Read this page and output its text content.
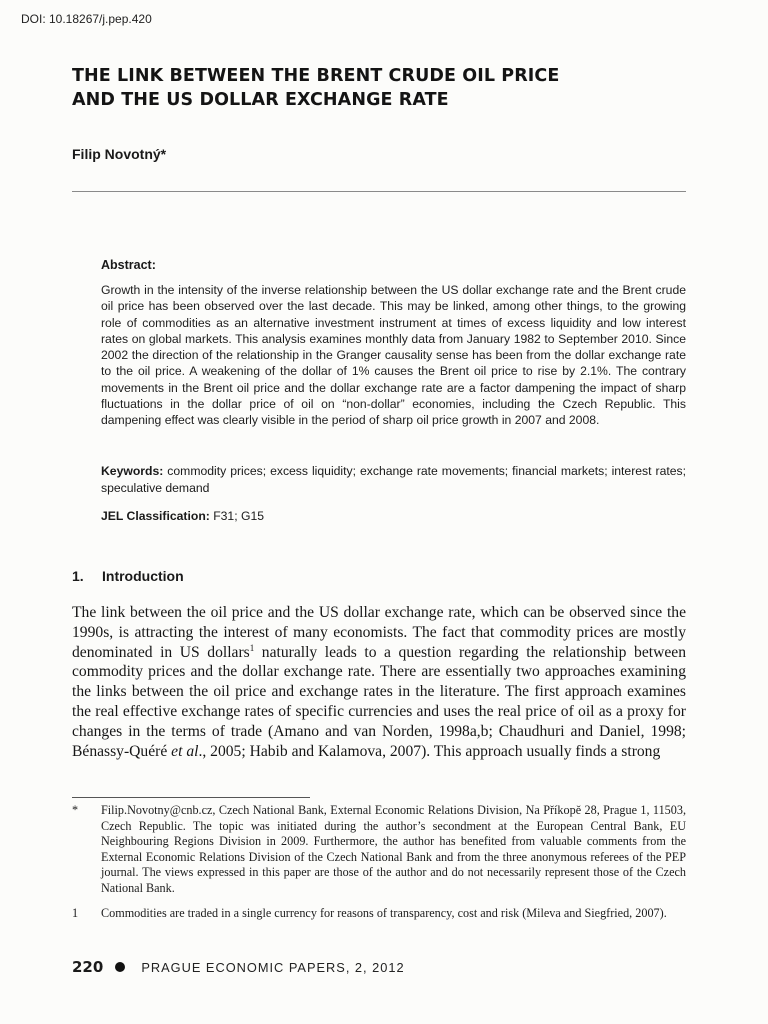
DOI: 10.18267/j.pep.420
THE LINK BETWEEN THE BRENT CRUDE OIL PRICE
AND THE US DOLLAR EXCHANGE RATE
Filip Novotný*
Abstract:
Growth in the intensity of the inverse relationship between the US dollar exchange rate and the Brent crude oil price has been observed over the last decade. This may be linked, among other things, to the growing role of commodities as an alternative investment instrument at times of excess liquidity and low interest rates on global markets. This analysis examines monthly data from January 1982 to September 2010. Since 2002 the direction of the relationship in the Granger causality sense has been from the dollar exchange rate to the oil price. A weakening of the dollar of 1% causes the Brent oil price to rise by 2.1%. The contrary movements in the Brent oil price and the dollar exchange rate are a factor dampening the impact of sharp fluctuations in the dollar price of oil on “non-dollar” economies, including the Czech Republic. This dampening effect was clearly visible in the period of sharp oil price growth in 2007 and 2008.
Keywords: commodity prices; excess liquidity; exchange rate movements; financial markets; interest rates; speculative demand
JEL Classification: F31; G15
1. Introduction
The link between the oil price and the US dollar exchange rate, which can be observed since the 1990s, is attracting the interest of many economists. The fact that commodity prices are mostly denominated in US dollars$^1$ naturally leads to a question regarding the relationship between commodity prices and the dollar exchange rate. There are essentially two approaches examining the links between the oil price and exchange rates in the literature. The first approach examines the real effective exchange rates of specific currencies and uses the real price of oil as a proxy for changes in the terms of trade (Amano and van Norden, 1998a,b; Chaudhuri and Daniel, 1998; Bénassy-Quéré et al., 2005; Habib and Kalamova, 2007). This approach usually finds a strong
* Filip.Novotny@cnb.cz, Czech National Bank, External Economic Relations Division, Na Příkopě 28, Prague 1, 11503, Czech Republic. The topic was initiated during the author’s secondment at the European Central Bank, EU Neighbouring Regions Division in 2009. Furthermore, the author has benefited from valuable comments from the External Economic Relations Division of the Czech National Bank and from the three anonymous referees of the PEP journal. The views expressed in this paper are those of the author and do not necessarily represent those of the Czech National Bank.
1 Commodities are traded in a single currency for reasons of transparency, cost and risk (Mileva and Siegfried, 2007).
220	PRAGUE ECONOMIC PAPERS, 2, 2012
